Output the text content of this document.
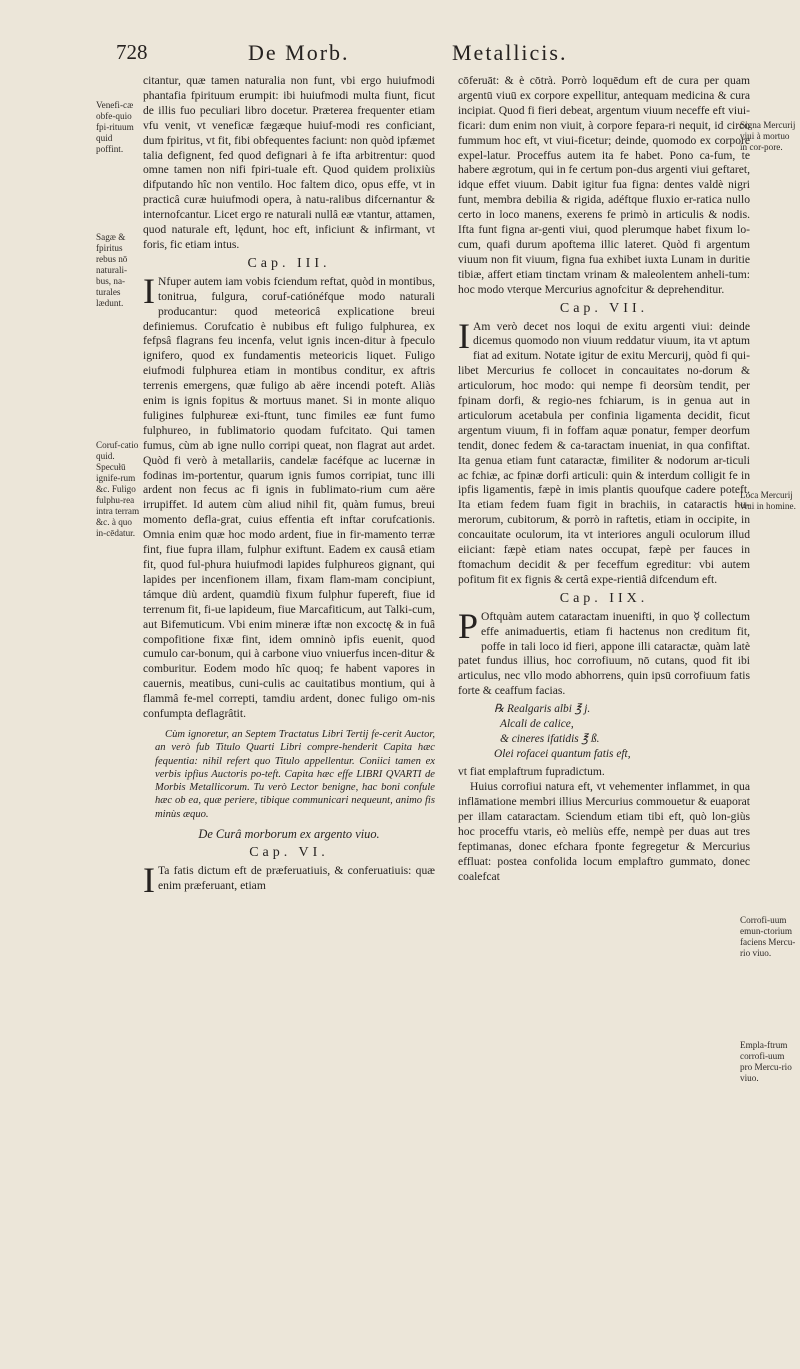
728	De Morb.	Metallicis.
Venefi-cæ obfe-quio fpi-rituum quid poffint.
Sagæ & fpiritus rebus nō naturali-bus, na-turales lædunt.
Coruf-catio quid. Specułū ignife-rum &c. Fuligo fulphu-rea intra terram &c. à quo in-cēdatur.
Signa Mercurij viui à mortuo in cor-pore.
Loca Mercurij viui in homine.
Corrofi-uum emun-ctorium faciens Mercu-rio viuo.
Empla-ftrum corrofi-uum pro Mercu-rio viuo.

citantur, quæ tamen naturalia non funt, vbi ergo huiufmodi phantafia fpirituum erumpit: ibi huiufmodi multa fiunt, ficut de illis fuo peculiari libro docetur. Præterea frequenter etiam vfu venit, vt veneficæ fægæque huiuf-modi res conficiant, dum fpiritus, vt fit, fibi obfequentes faciunt: non quòd ipfæmet talia defignent, fed quod defignari à fe ifta arbitrentur: quod omne tamen non nifi fpiri-tuale eft. Quod quidem prolixiùs difputando hîc non ventilo. Hoc faltem dico, opus effe, vt in practicâ curæ huiufmodi opera, à natu-ralibus difcernantur & internofcantur. Licet ergo re naturali nullâ eæ vtantur, attamen, quod naturale eft, lędunt, hoc eft, inficiunt & infirmant, vt foris, fic etiam intus.

Cap. III.

INfuper autem iam vobis fciendum reftat, quòd in montibus, tonitrua, fulgura, coruf-catiónéfque modo naturali producantur: quod meteoricâ explicatione breui definiemus. Corufcatio è nubibus eft fuligo fulphurea, ex fefpsâ flagrans feu incenfa, velut ignis incen-ditur à fpeculo ignifero, quod ex fundamentis meteoricis liquet. Fuligo eiufmodi fulphurea etiam in montibus conditur, ex aftris terrenis emergens, quæ fuligo ab aëre incendi poteft. Aliàs enim is ignis fopitus & mortuus manet. Si in monte aliquo fuligines fulphureæ exi-ftunt, tunc fimiles eæ funt fumo fulphureo, in fublimatorio quodam fufcitato. Qui tamen fumus, cùm ab igne nullo corripi queat, non flagrat aut ardet. Quòd fi verò à metallariis, candelæ facéfque ac lucernæ in fodinas im-portentur, quarum ignis fumos corripiat, tunc illi ardent non fecus ac fi ignis in fublimato-rium cum aëre irrupiffet. Id autem cùm aliud nihil fit, quàm fumus, breui momento defla-grat, cuius effentia eft inftar corufcationis. Omnia enim quæ hoc modo ardent, fiue in fir-mamento terræ fint, fiue fupra illam, fulphur exiftunt. Eadem ex causâ etiam fit, quod ful-phura huiufmodi lapides fulphureos gignant, qui lapides per incenfionem illam, fixam flam-mam concipiunt, támque diù ardent, quamdiù fixum fulphur fupereft, fiue id terrenum fit, fi-ue lapideum, fiue Marcafiticum, aut Talki-cum, aut Bifemuticum. Vbi enim mineræ iftæ non excoctę & in fuâ compofitione fixæ fint, idem omninò ipfis euenit, quod cumulo car-bonum, qui à carbone viuo vniuerfus incen-ditur & comburitur. Eodem modo hîc quoq; fe habent vapores in cauernis, meatibus, cuni-culis ac cauitatibus montium, qui à flammâ fe-mel correpti, tamdiu ardent, donec fuligo om-nis confumpta deflagrâtit.

Cùm ignoretur, an Septem Tractatus Libri Tertij fe-cerit Auctor, an verò fub Titulo Quarti Libri compre-henderit Capita hæc fequentia: nihil refert quo Titulo appellentur. Coniici tamen ex verbis ipfius Auctoris po-teft. Capita hæc effe LIBRI QVARTI de Morbis Metallicorum. Tu verò Lector benigne, hac boni confule hæc ob ea, quæ periere, tibique communicari nequeunt, animo fis minùs æquo.

De Curâ morborum ex argento viuo.
Cap. VI.

ITa fatis dictum eft de præferuatiuis, & conferuatiuis: quæ enim præferuant, etiam

cōferuāt: & è cōtrà. Porrò loquēdum eft de cura per quam argentū viuū ex corpore expellitur, antequam medicina & cura incipiat. Quod fi fieri debeat, argentum viuum neceffe eft viui-ficari: dum enim non viuit, à corpore fepara-ri nequit, id circo fummum hoc eft, vt viui-ficetur; deinde, quomodo ex corpore expel-latur. Proceffus autem ita fe habet. Pono ca-fum, te habere ægrotum, qui in fe certum pon-dus argenti viui geftaret, idque effet viuum. Dabit igitur fua figna: dentes valdè nigri funt, membra debilia & rigida, adéftque fluxio er-ratica nullo certo in loco manens, exerens fe primò in articulis & nodis. Ifta funt figna ar-genti viui, quod plerumque habet fixum lo-cum, quafi durum apoftema illic lateret. Quòd fi argentum viuum non fit viuum, figna fua exhibet iuxta Lunam in duritie tibiæ, affert etiam tinctam vrinam & maleolentem anheli-tum: hoc modo vterque Mercurius agnofcitur & deprehenditur.

Cap. VII.

IAm verò decet nos loqui de exitu argenti viui: deinde dicemus quomodo non viuum reddatur viuum, ita vt aptum fiat ad exitum. Notate igitur de exitu Mercurij, quòd fi qui-libet Mercurius fe collocet in concauitates no-dorum & articulorum, hoc modo: qui nempe fi deorsùm tendit, per fpinam dorfi, & regio-nes fchiarum, is in genua aut in articulorum acetabula per confinia ligamenta decidit, ficut argentum viuum, fi in foffam aquæ ponatur, femper deorfum tendit, donec fedem & ca-taractam inueniat, in qua confiftat. Ita genua etiam funt cataractæ, fimiliter & nodorum ar-ticuli ac fchiæ, ac fpinæ dorfi articuli: quin & interdum colligit fe in ipfis ligamentis, fæpè in imis plantis quoufque cadere poteft. Ita etiam fedem fuam figit in brachiis, in cataractis hu-merorum, cubitorum, & porrò in raftetis, etiam in occipite, in concauitate oculorum, ita vt interiores anguli oculorum illud eiiciant: fæpè etiam nates occupat, fæpè per fauces in ftomachum decidit & per feceffum egreditur: vbi autem pofitum fit ex fignis & certâ expe-rientiâ difcendum eft.

Cap. IIX.

POftquàm autem cataractam inuenifti, in quo ☿ collectum effe animaduertis, etiam fi hactenus non creditum fit, poffe in tali loco id fieri, appone illi cataractæ, quàm latè patet fundus illius, hoc corrofiuum, nō cutans, quod fit ibi articulus, nec vllo modo abhorrens, quin ipsū corrofiuum fatis forte & ceaffum facias.

℞ Realgaris albi ℥ j.
Alcali de calice,
& cineres ifatidis ℥ ß.
Olei rofacei quantum fatis eft,

vt fiat emplaftrum fupradictum.

Huius corrofiui natura eft, vt vehementer inflammet, in qua inflāmatione membri illius Mercurius commouetur & euaporat per illam cataractam. Sciendum etiam tibi eft, quò lon-giùs hoc proceffu vtaris, eò meliùs effe, nempè per duas aut tres feptimanas, donec efchara fponte fegregetur & Mercurius effluat: postea confolida locum emplaftro gummato, donec coalefcat
